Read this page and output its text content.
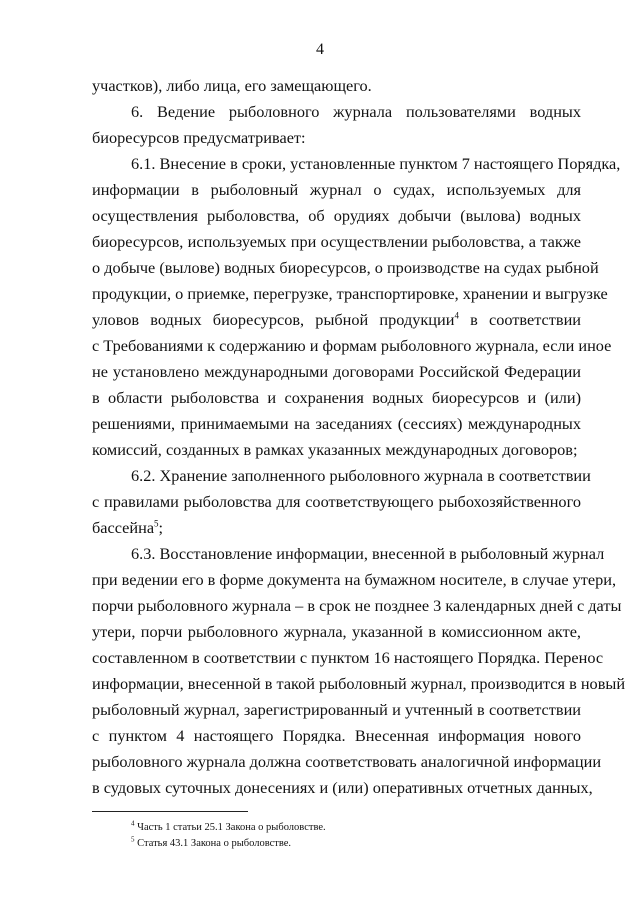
4
участков), либо лица, его замещающего.
6. Ведение рыболовного журнала пользователями водных
биоресурсов предусматривает:
6.1. Внесение в сроки, установленные пунктом 7 настоящего Порядка,
информации в рыболовный журнал о судах, используемых для
осуществления рыболовства, об орудиях добычи (вылова) водных
биоресурсов, используемых при осуществлении рыболовства, а также
о добыче (вылове) водных биоресурсов, о производстве на судах рыбной
продукции, о приемке, перегрузке, транспортировке, хранении и выгрузке
уловов водных биоресурсов, рыбной продукции$^4$ в соответствии
с Требованиями к содержанию и формам рыболовного журнала, если иное
не установлено международными договорами Российской Федерации
в области рыболовства и сохранения водных биоресурсов и (или)
решениями, принимаемыми на заседаниях (сессиях) международных
комиссий, созданных в рамках указанных международных договоров;
6.2. Хранение заполненного рыболовного журнала в соответствии
с правилами рыболовства для соответствующего рыбохозяйственного
бассейна$^5$;
6.3. Восстановление информации, внесенной в рыболовный журнал
при ведении его в форме документа на бумажном носителе, в случае утери,
порчи рыболовного журнала – в срок не позднее 3 календарных дней с даты
утери, порчи рыболовного журнала, указанной в комиссионном акте,
составленном в соответствии с пунктом 16 настоящего Порядка. Перенос
информации, внесенной в такой рыболовный журнал, производится в новый
рыболовный журнал, зарегистрированный и учтенный в соответствии
с пунктом 4 настоящего Порядка. Внесенная информация нового
рыболовного журнала должна соответствовать аналогичной информации
в судовых суточных донесениях и (или) оперативных отчетных данных,
$^4$ Часть 1 статьи 25.1 Закона о рыболовстве.
$^5$ Статья 43.1 Закона о рыболовстве.
